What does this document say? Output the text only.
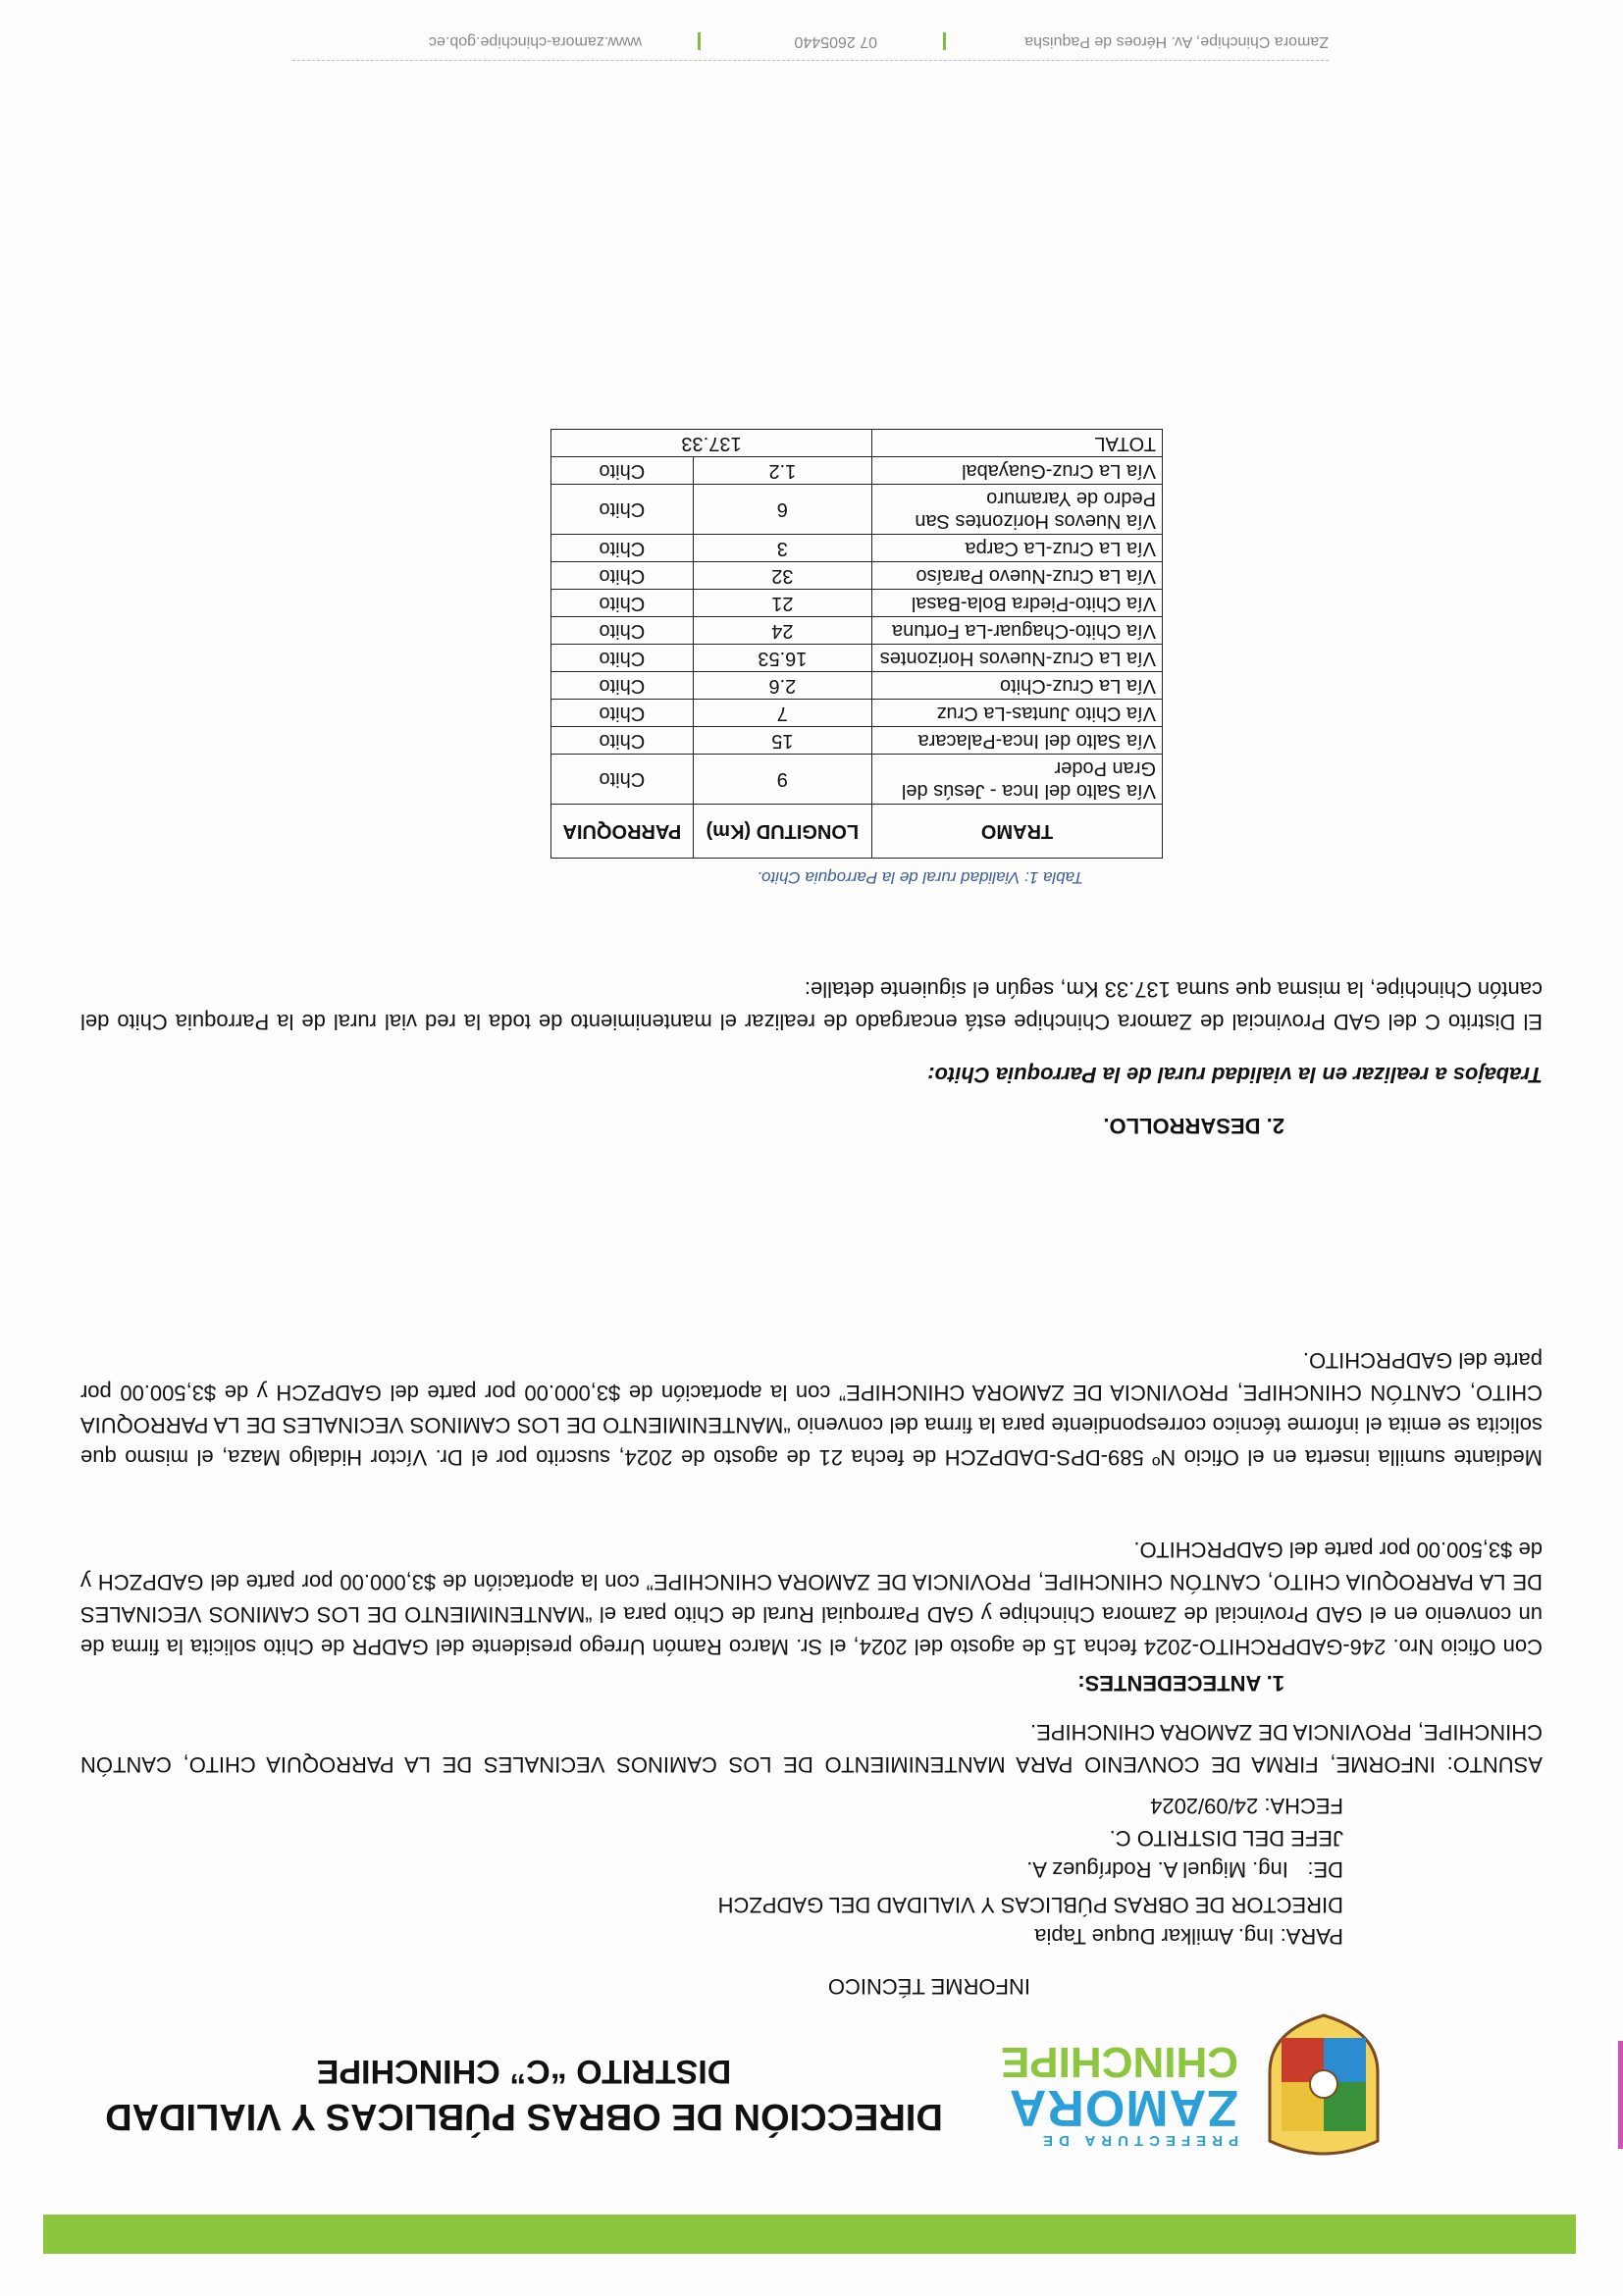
PREFECTURA DE
ZAMORA
CHINCHIPE
DIRECCIÓN DE OBRAS PÚBLICAS Y VIALIDAD
DISTRITO “C” CHINCHIPE
INFORME TÉCNICO
PARA: Ing. Amilkar Duque Tapia
DIRECTOR DE OBRAS PÚBLICAS Y VIALIDAD DEL GADPZCH
DE: Ing. Miguel A. Rodríguez A.
JEFE DEL DISTRITO C.
FECHA: 24/09/2024
ASUNTO: INFORME, FIRMA DE CONVENIO PARA MANTENIMIENTO DE LOS CAMINOS VECINALES DE LA PARROQUIA CHITO, CANTÓN CHINCHIPE, PROVINCIA DE ZAMORA CHINCHIPE.
1. ANTECEDENTES:
Con Oficio Nro. 246-GADPRCHITO-2024 fecha 15 de agosto del 2024, el Sr. Marco Ramón Urrego presidente del GADPR de Chito solicita la firma de un convenio en el GAD Provincial de Zamora Chinchipe y GAD Parroquial Rural de Chito para el “MANTENIMIENTO DE LOS CAMINOS VECINALES DE LA PARROQUIA CHITO, CANTÓN CHINCHIPE, PROVINCIA DE ZAMORA CHINCHIPE” con la aportación de $3,000.00 por parte del GADPZCH y de $3,500.00 por parte del GADPRCHITO.
Mediante sumilla inserta en el Oficio Nº 589-DPS-DADPZCH de fecha 21 de agosto de 2024, suscrito por el Dr. Víctor Hidalgo Maza, el mismo que solicita se emita el informe técnico correspondiente para la firma del convenio “MANTENIMIENTO DE LOS CAMINOS VECINALES DE LA PARROQUIA CHITO, CANTÓN CHINCHIPE, PROVINCIA DE ZAMORA CHINCHIPE” con la aportación de $3,000.00 por parte del GADPZCH y de $3,500.00 por parte del GADPRCHITO.
2. DESARROLLO.
Trabajos a realizar en la vialidad rural de la Parroquia Chito:
El Distrito C del GAD Provincial de Zamora Chinchipe está encargado de realizar el mantenimiento de toda la red vial rural de la Parroquia Chito del cantón Chinchipe, la misma que suma 137.33 Km, según el siguiente detalle:
Tabla 1: Vialidad rural de la Parroquia Chito.
TRAMO	LONGITUD (Km)	PARROQUIA
Vía Salto del Inca - Jesús del Gran Poder	9	Chito
Vía Salto del Inca-Palacara	15	Chito
Vía Chito Juntas-La Cruz	7	Chito
Vía La Cruz-Chito	2.6	Chito
Vía La Cruz-Nuevos Horizontes	16.53	Chito
Vía Chito-Chaguar-La Fortuna	24	Chito
Vía Chito-Piedra Bola-Basal	21	Chito
Vía La Cruz-Nuevo Paraíso	32	Chito
Vía La Cruz-La Carpa	3	Chito
Vía Nuevos Horizontes San Pedro de Yaramuro	6	Chito
Vía La Cruz-Guayabal	1.2	Chito
TOTAL	137.33	
Zamora Chinchipe, Av. Héroes de Paquisha
07 2605440
www.zamora-chinchipe.gob.ec
